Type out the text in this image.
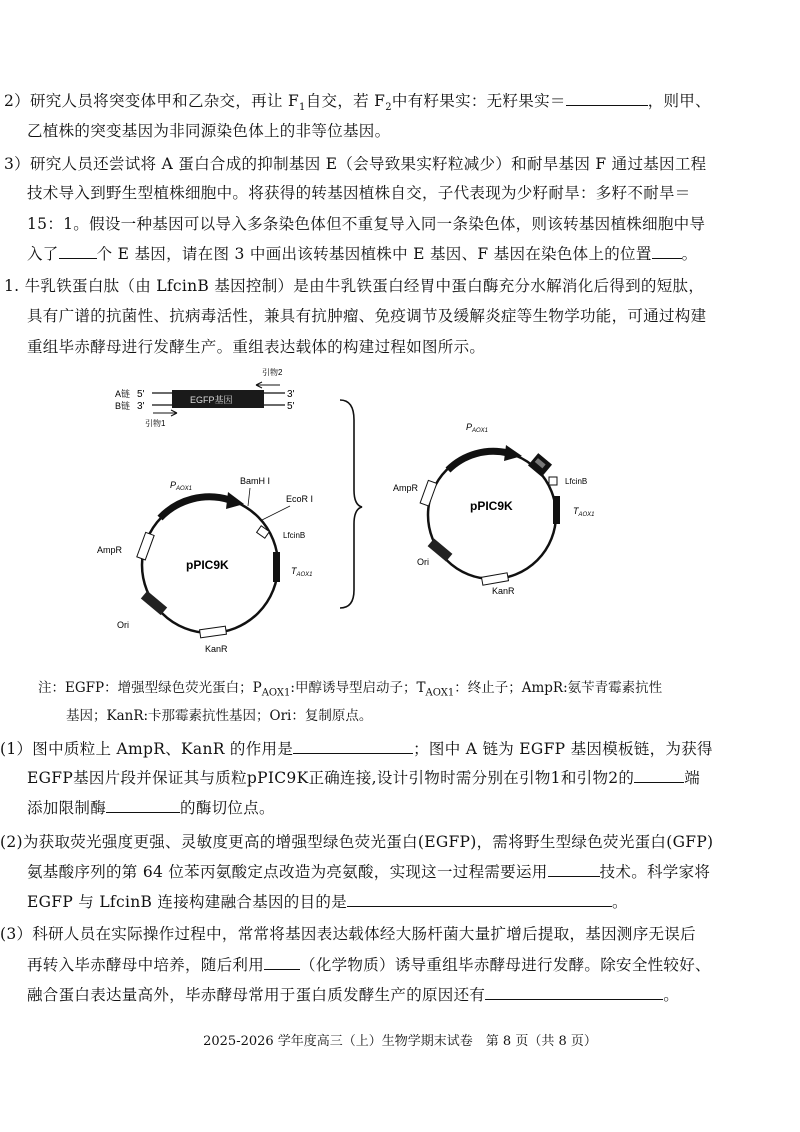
2）研究人员将突变体甲和乙杂交，再让 $F_1$自交，若 $F_2$中有籽果实：无籽果实＝	，则甲、
乙植株的突变基因为非同源染色体上的非等位基因。
3）研究人员还尝试将 A 蛋白合成的抑制基因 E（会导致果实籽粒减少）和耐旱基因 F 通过基因工程
技术导入到野生型植株细胞中。将获得的转基因植株自交，子代表现为少籽耐旱：多籽不耐旱＝
15：1。假设一种基因可以导入多条染色体但不重复导入同一条染色体，则该转基因植株细胞中导
入了 个 E 基因，请在图 3 中画出该转基因植株中 E 基因、F 基因在染色体上的位置 。
1. 牛乳铁蛋白肽（由 LfcinB 基因控制）是由牛乳铁蛋白经胃中蛋白酶充分水解消化后得到的短肽，
具有广谱的抗菌性、抗病毒活性，兼具有抗肿瘤、免疫调节及缓解炎症等生物学功能，可通过构建
重组毕赤酵母进行发酵生产。重组表达载体的构建过程如图所示。
A链 5'
B链 3'
EGFP基因	3'
5'
引物2
引物1
$P_{AOX1}$
BamH I
EcoR I
LfcinB
$T_{AOX1}$
AmpR
Ori
KanR
pPIC9K
$P_{AOX1}$
LfcinB
$T_{AOX1}$
AmpR
Ori
KanR
pPIC9K
注：EGFP：增强型绿色荧光蛋白；$P_{AOX1}$:甲醇诱导型启动子；$T_{AOX1}$：终止子；AmpR:氨苄青霉素抗性
基因；KanR:卡那霉素抗性基因；Ori：复制原点。
(1）图中质粒上 AmpR、KanR 的作用是	；图中 A 链为 EGFP 基因模板链，为获得
EGFP基因片段并保证其与质粒pPIC9K正确连接,设计引物时需分别在引物1和引物2的	端
添加限制酶	的酶切位点。
(2)为获取荧光强度更强、灵敏度更高的增强型绿色荧光蛋白(EGFP)，需将野生型绿色荧光蛋白(GFP)
氨基酸序列的第 64 位苯丙氨酸定点改造为亮氨酸，实现这一过程需要运用	技术。科学家将
EGFP 与 LfcinB 连接构建融合基因的目的是	。
(3）科研人员在实际操作过程中，常常将基因表达载体经大肠杆菌大量扩增后提取，基因测序无误后
再转入毕赤酵母中培养，随后利用 （化学物质）诱导重组毕赤酵母进行发酵。除安全性较好、
融合蛋白表达量高外，毕赤酵母常用于蛋白质发酵生产的原因还有	。
2025-2026 学年度高三（上）生物学期末试卷　第 8 页（共 8 页）
